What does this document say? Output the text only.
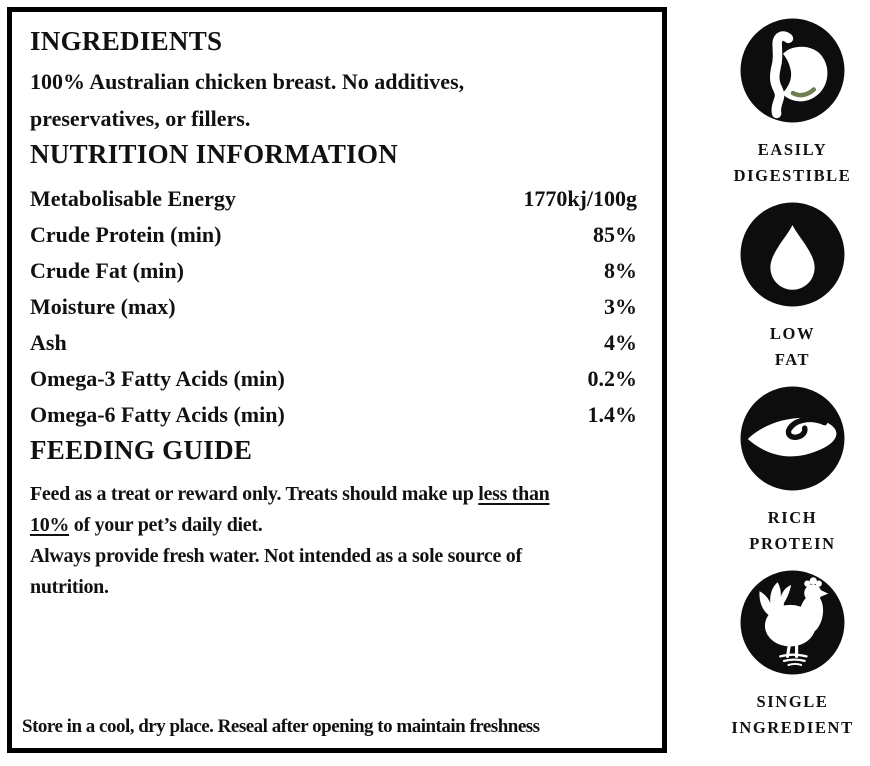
INGREDIENTS
100% Australian chicken breast. No additives,
preservatives, or fillers.
NUTRITION INFORMATION
Metabolisable Energy	1770kj/100g
Crude Protein (min)	85%
Crude Fat (min)	8%
Moisture (max)	3%
Ash	4%
Omega-3 Fatty Acids (min)	0.2%
Omega-6 Fatty Acids (min)	1.4%
FEEDING GUIDE
Feed as a treat or reward only. Treats should make up less than
10% of your pet’s daily diet.
Always provide fresh water. Not intended as a sole source of
nutrition.
Store in a cool, dry place. Reseal after opening to maintain freshness
EASILY
DIGESTIBLE
LOW
FAT
RICH
PROTEIN
SINGLE
INGREDIENT
